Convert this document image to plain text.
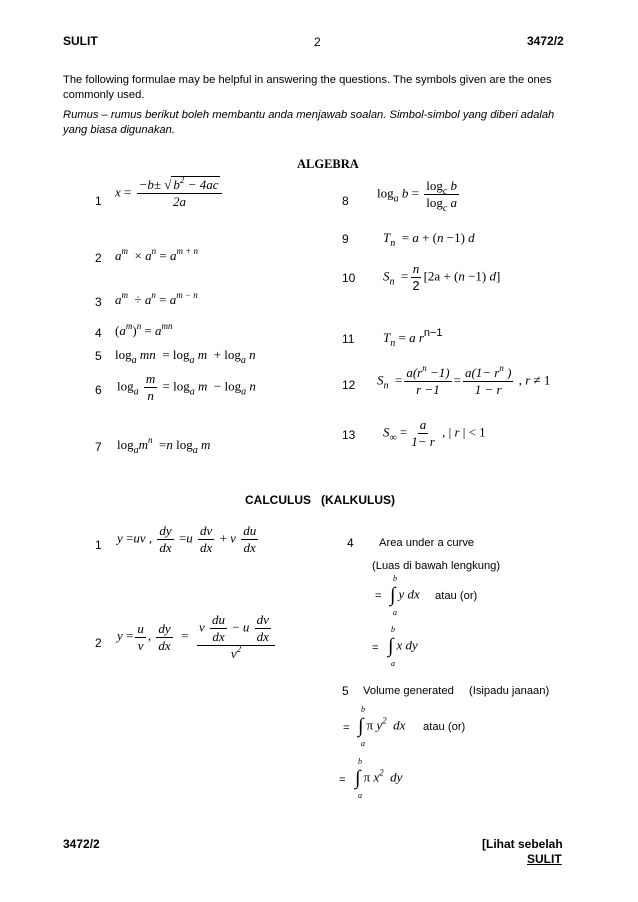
SULIT	2	3472/2
The following formulae may be helpful in answering the questions. The symbols given are the ones commonly used.
Rumus – rumus berikut boleh membantu anda menjawab soalan. Simbol-simbol yang diberi adalah yang biasa digunakan.
ALGEBRA
1
$x = \frac{-b\pm √ b^2 - 4ac}{2a}$
2 $a^m \times a^n = a^{m + n}$
3 $a^m \div a^n = a^{m - n}$
4 $(a^m)^n = a^{mn}$
5 $\log_a$ mn  = $\log_a m + \log_a n$
6 $\log_a \frac{m}{n} = \log_a m - \log_a n$
7 $\log_am^n =n$ $\log_a m$
8
$\log_a b = \frac{\log_c b}{\log_c a}$
9	$T_n = a + (n -1)$ d
10 $S_n = \frac{n}{2} [2a + (n -1)$ d]
11 $T_n = a$ $r^{n-1}$
12 $S_n = \frac{a(r^n -1)}{r -1} = \frac{a(1- r^n )}{1 - r}$ , r ≠ 1
13 $S_\infty = \frac{a}{1- r}$ , | r | < 1
CALCULUS   (KALKULUS)
1 y =uv , $\frac{dy}{dx} =u \frac{dv}{dx} + v \frac{du}{dx}$
2
$y = \frac{u}{v}$ , $\frac{dy}{dx} = \frac{v \frac{du}{dx} - u \frac{dv}{dx}}{v^2}$
4 Area under a curve
(Luas di bawah lengkung)
= ∫
b
a
y dx atau (or)
= ∫
b
a
x dy
5 Volume generated (Isipadu janaan)
= ∫
b
a
π $y^2$  dx atau (or)
= ∫
b
a
π $x^2$  dy
3472/2	[Lihat sebelah
SULIT
